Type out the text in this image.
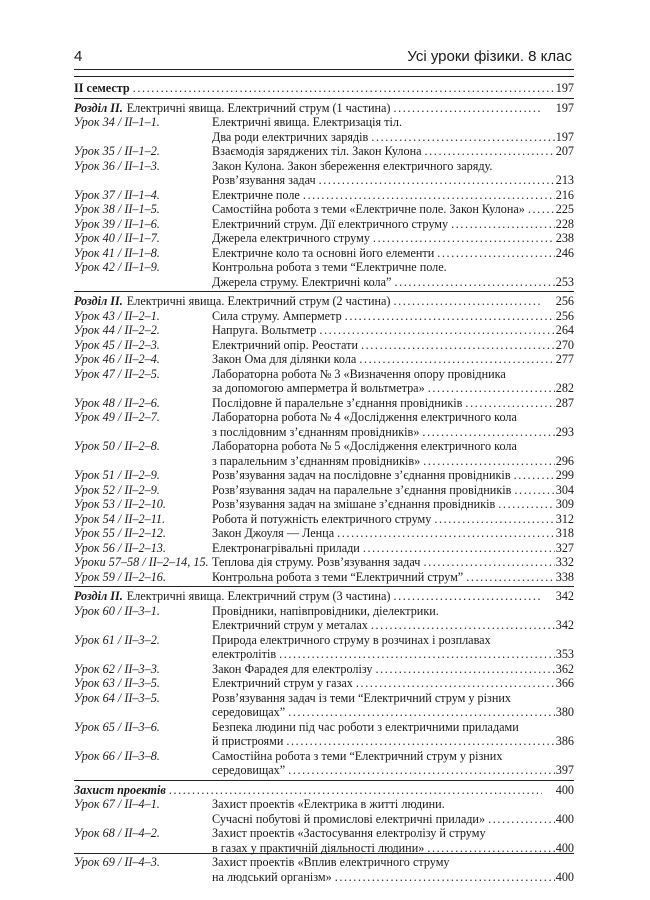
4	Усі уроки фізики. 8 клас
II семестр .....	197
Розділ II. Електричні явища. Електричний струм (1 частина) .....	197
Урок 34 / II–1–1.	Електричні явища. Електризація тіл.
Два роди електричних зарядів .....	197
Урок 35 / II–1–2.	Взаємодія заряджених тіл. Закон Кулона .....	207
Урок 36 / II–1–3.	Закон Кулона. Закон збереження електричного заряду.
Розв’язування задач .....	213
Урок 37 / II–1–4.	Електричне поле .....	216
Урок 38 / II–1–5.	Самостійна робота з теми «Електричне поле. Закон Кулона» .....	225
Урок 39 / II–1–6.	Електричний струм. Дії електричного струму .....	228
Урок 40 / II–1–7.	Джерела електричного струму .....	238
Урок 41 / II–1–8.	Електричне коло та основні його елементи .....	246
Урок 42 / II–1–9.	Контрольна робота з теми “Електричне поле.
Джерела струму. Електричні кола” .....	253
Розділ II. Електричні явища. Електричний струм (2 частина) .....	256
Урок 43 / II–2–1.	Сила струму. Амперметр .....	256
Урок 44 / II–2–2.	Напруга. Вольтметр .....	264
Урок 45 / II–2–3.	Електричний опір. Реостати .....	270
Урок 46 / II–2–4.	Закон Ома для ділянки кола .....	277
Урок 47 / II–2–5.	Лабораторна робота № 3 «Визначення опору провідника
за допомогою амперметра й вольтметра» .....	282
Урок 48 / II–2–6.	Послідовне й паралельне з’єднання провідників .....	287
Урок 49 / II–2–7.	Лабораторна робота № 4 «Дослідження електричного кола
з послідовним з’єднанням провідників» .....	293
Урок 50 / II–2–8.	Лабораторна робота № 5 «Дослідження електричного кола
з паралельним з’єднанням провідників» .....	296
Урок 51 / II–2–9.	Розв’язування задач на послідовне з’єднання провідників .....	299
Урок 52 / II–2–9.	Розв’язування задач на паралельне з’єднання провідників .....	304
Урок 53 / II–2–10.	Розв’язування задач на змішане з’єднання провідників .....	309
Урок 54 / II–2–11.	Робота й потужність електричного струму .....	312
Урок 55 / II–2–12.	Закон Джоуля — Ленца .....	318
Урок 56 / II–2–13.	Електронагрівальні прилади .....	327
Уроки 57–58 / II–2–14, 15. Теплова дія струму. Розв’язування задач .....	332
Урок 59 / II–2–16.	Контрольна робота з теми “Електричний струм” .....	338
Розділ II. Електричні явища. Електричний струм (3 частина) .....	342
Урок 60 / II–3–1.	Провідники, напівпровідники, діелектрики.
Електричний струм у металах .....	342
Урок 61 / II–3–2.	Природа електричного струму в розчинах і розплавах
електролітів .....	353
Урок 62 / II–3–3.	Закон Фарадея для електролізу .....	362
Урок 63 / II–3–5.	Електричний струм у газах .....	366
Урок 64 / II–3–5.	Розв’язування задач із теми “Електричний струм у різних
середовищах” .....	380
Урок 65 / II–3–6.	Безпека людини під час роботи з електричними приладами
й пристроями .....	386
Урок 66 / II–3–8.	Самостійна робота з теми “Електричний струм у різних
середовищах” .....	397
Захист проектів .....	400
Урок 67 / II–4–1.	Захист проектів «Електрика в житті людини.
Сучасні побутові й промислові електричні прилади» .....	400
Урок 68 / II–4–2.	Захист проектів «Застосування електролізу й струму
в газах у практичній діяльності людини» .....	400
Урок 69 / II–4–3.	Захист проектів «Вплив електричного струму
на людський організм» .....	400
